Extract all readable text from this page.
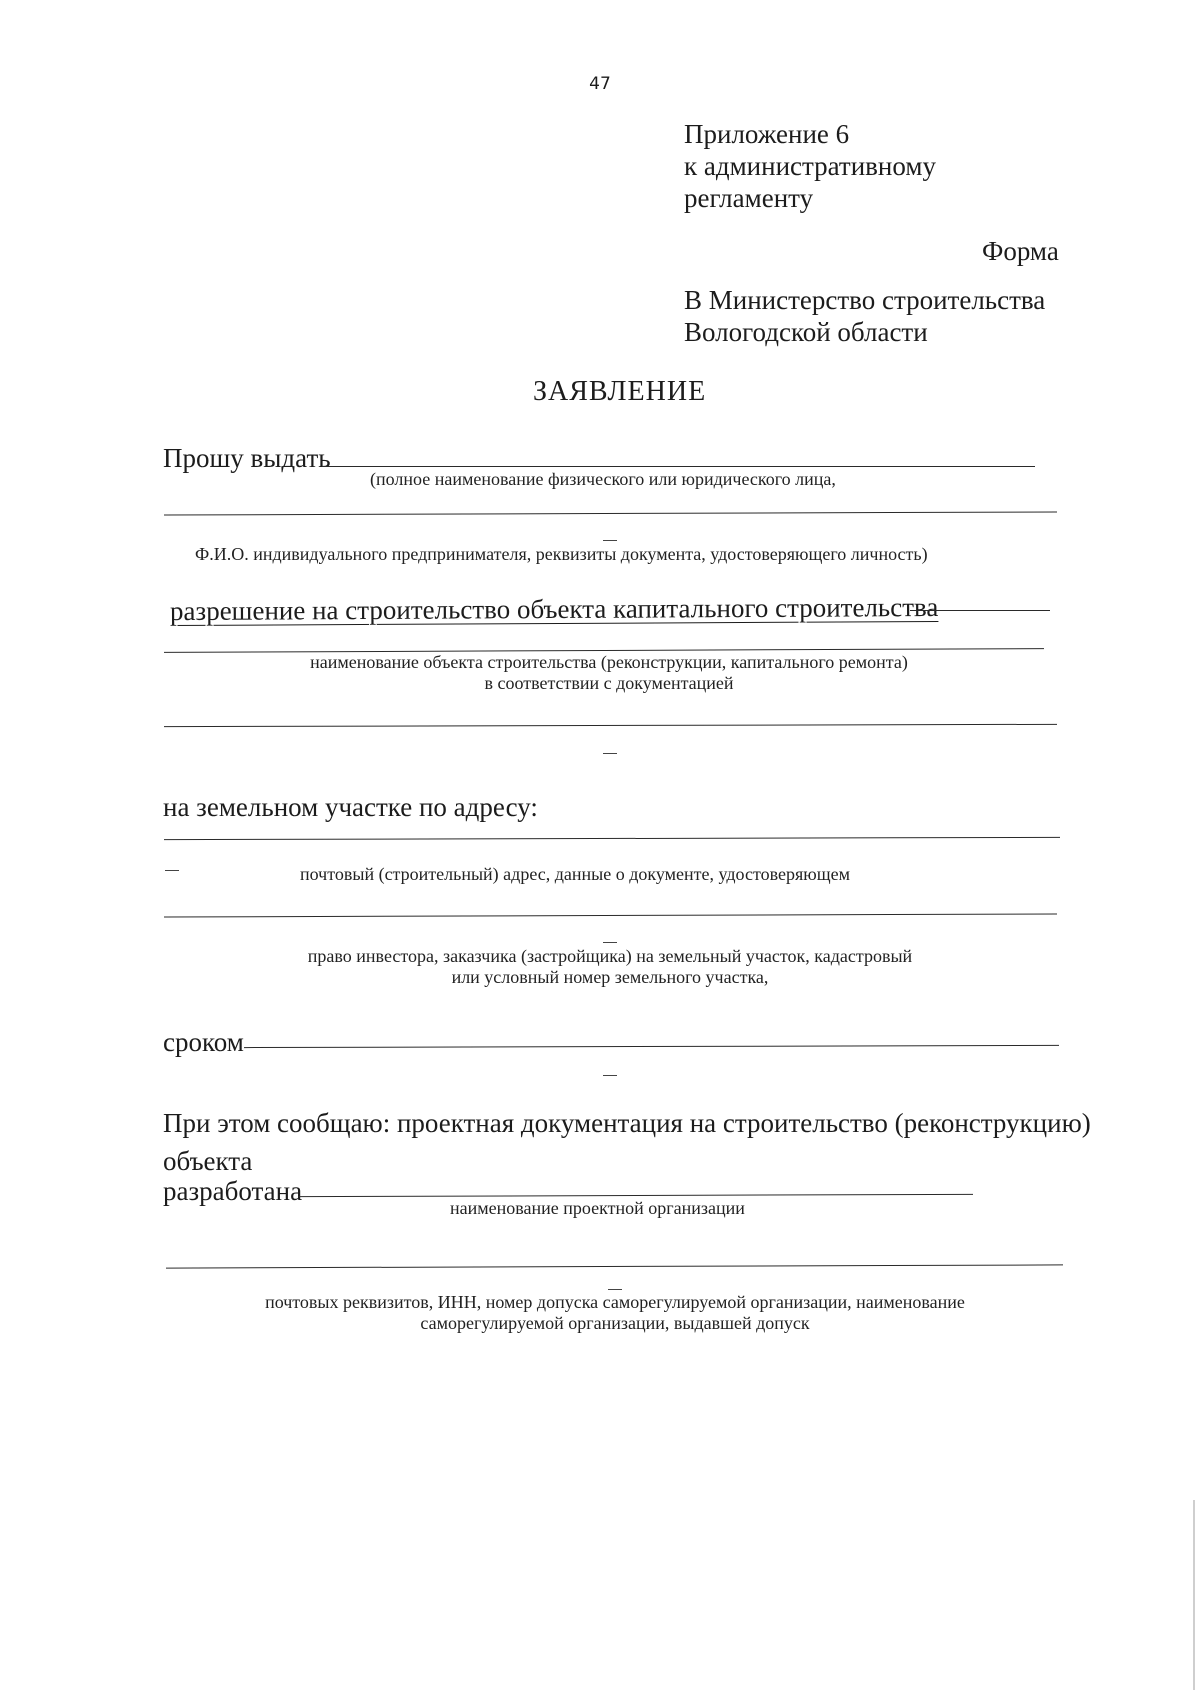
47
Приложение 6
к административному
регламенту
Форма
В Министерство строительства
Вологодской области
ЗАЯВЛЕНИЕ
Прошу выдать
(полное наименование физического или юридического лица,
Ф.И.О. индивидуального предпринимателя, реквизиты документа, удостоверяющего личность)
разрешение на строительство объекта капитального строительства
наименование объекта строительства (реконструкции, капитального ремонта)
в соответствии с документацией
на земельном участке по адресу:
почтовый (строительный) адрес, данные о документе, удостоверяющем
право инвестора, заказчика (застройщика) на земельный участок, кадастровый
или условный номер земельного участка,
сроком
При этом сообщаю: проектная документация на строительство (реконструкцию)
объекта
разработана
наименование проектной организации
почтовых реквизитов, ИНН, номер допуска саморегулируемой организации, наименование
саморегулируемой организации, выдавшей допуск
